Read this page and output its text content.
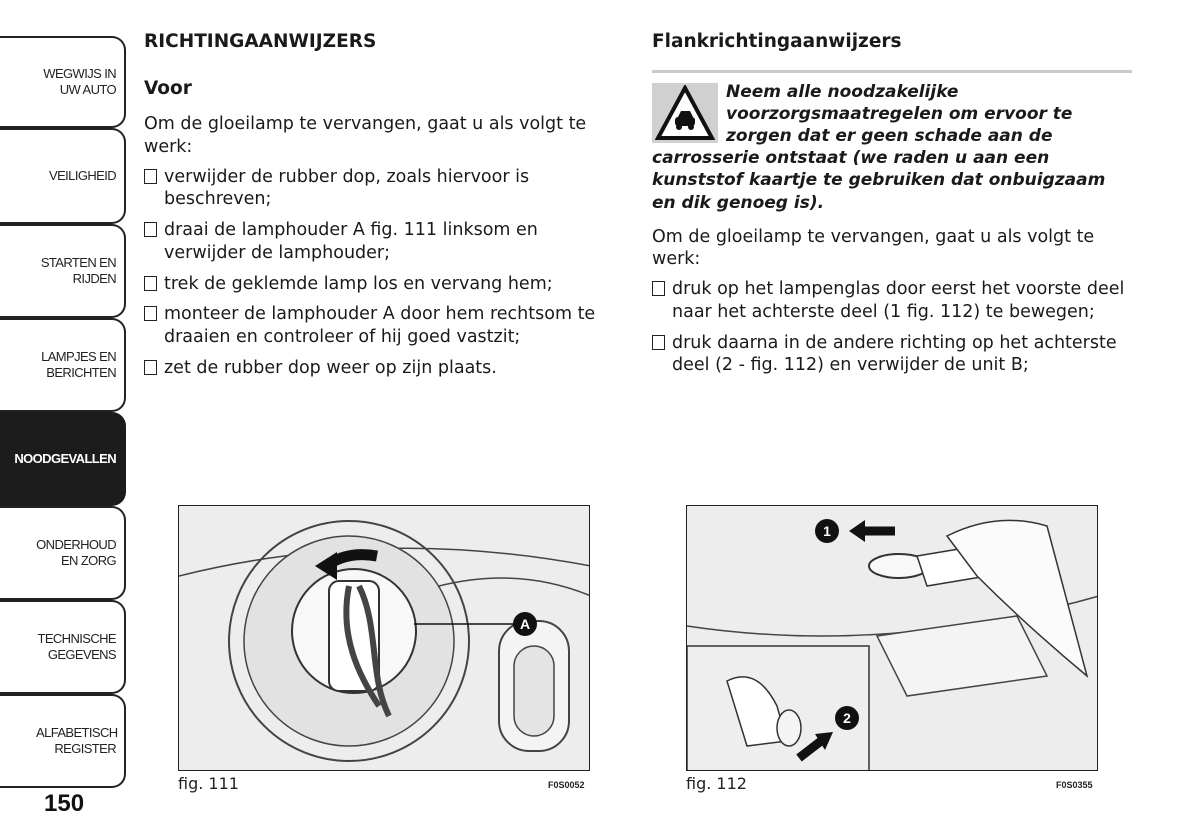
WEGWIJS IN UW AUTO
VEILIGHEID
STARTEN EN RIJDEN
LAMPJES EN BERICHTEN
NOODGEVALLEN
ONDERHOUD EN ZORG
TECHNISCHE GEGEVENS
ALFABETISCH REGISTER
150
RICHTINGAANWIJZERS
Voor

Om de gloeilamp te vervangen, gaat u als volgt te werk:

verwijder de rubber dop, zoals hiervoor is beschreven;
draai de lamphouder A fig. 111 linksom en verwijder de lamphouder;
trek de geklemde lamp los en vervang hem;
monteer de lamphouder A door hem rechtsom te draaien en controleer of hij goed vastzit;
zet de rubber dop weer op zijn plaats.
Flankrichtingaanwijzers
Neem alle noodzakelijke voorzorgsmaatregelen om ervoor te zorgen dat er geen schade aan de carrosserie ontstaat (we raden u aan een kunststof kaartje te gebruiken dat onbuigzaam en dik genoeg is).

Om de gloeilamp te vervangen, gaat u als volgt te werk:

druk op het lampenglas door eerst het voorste deel naar het achterste deel (1 fig. 112) te bewegen;
druk daarna in de andere richting op het achterste deel (2 - fig. 112) en verwijder de unit B;
A
fig. 111	F0S0052
1
2
fig. 112	F0S0355
